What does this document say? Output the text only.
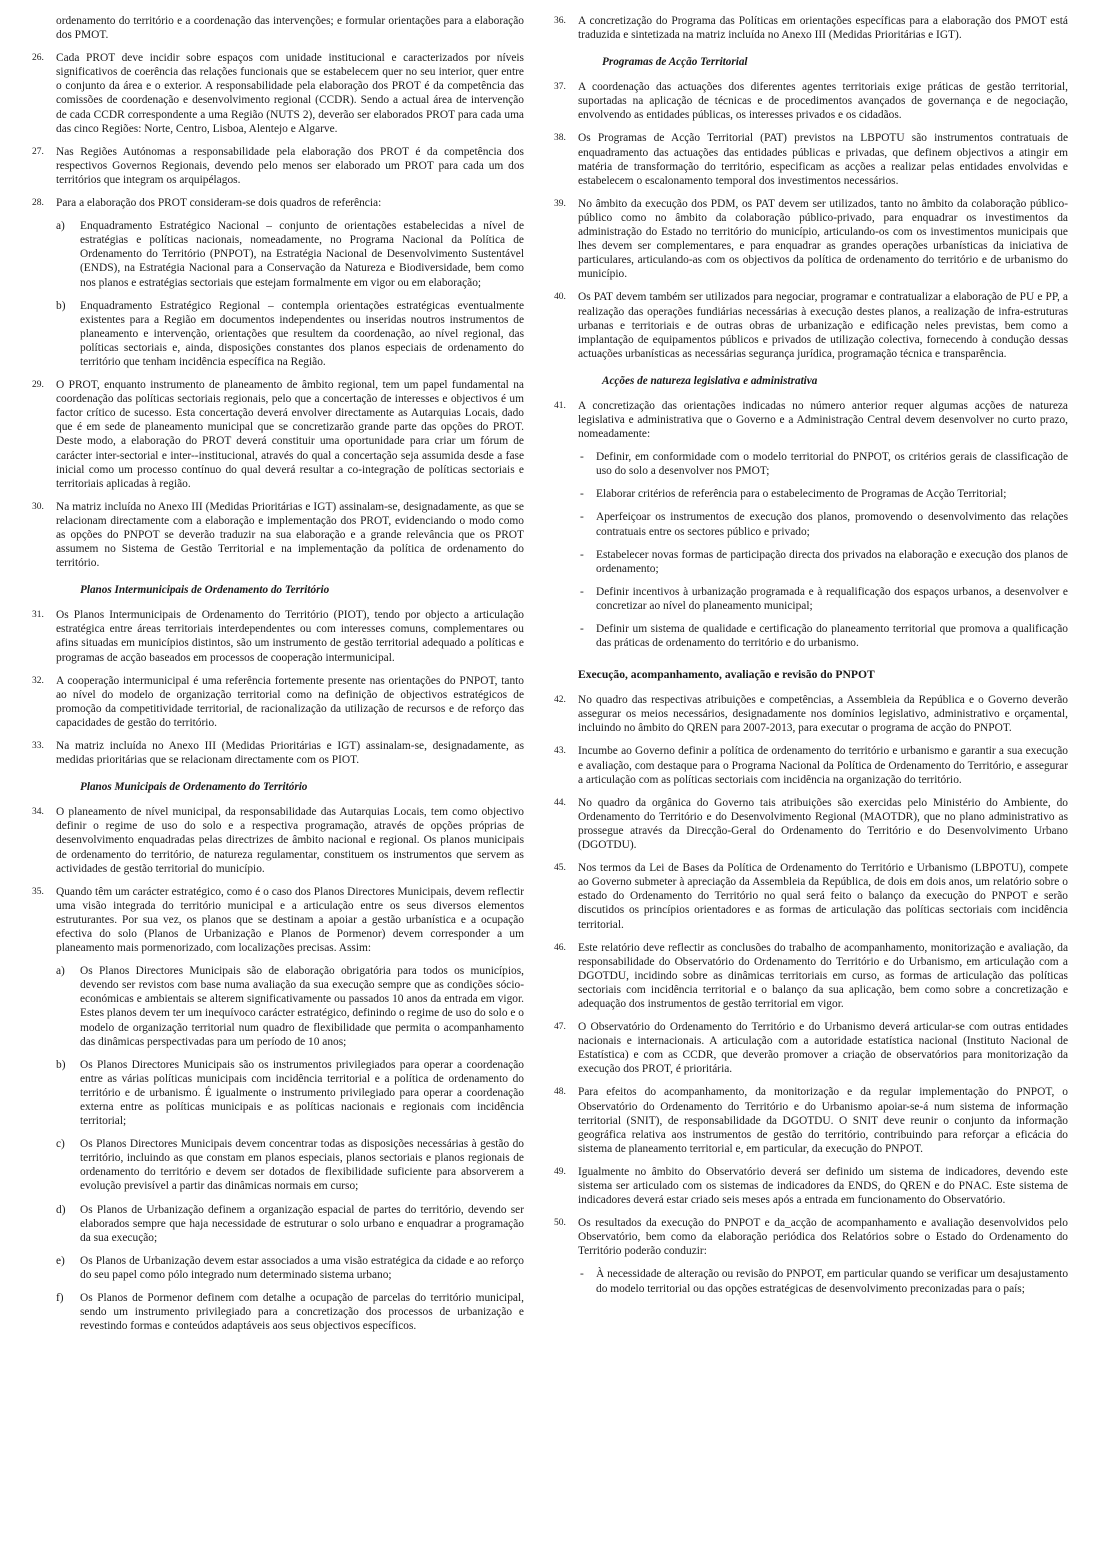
ordenamento do território e a coordenação das intervenções; e formular orientações para a elaboração dos PMOT.

26.	Cada PROT deve incidir sobre espaços com unidade institucional e caracterizados por níveis significativos de coerência das relações funcionais que se estabelecem quer no seu interior, quer entre o conjunto da área e o exterior. A responsabilidade pela elaboração dos PROT é da competência das comissões de coordenação e desenvolvimento regional (CCDR). Sendo a actual área de intervenção de cada CCDR correspondente a uma Região (NUTS 2), deverão ser elaborados PROT para cada uma das cinco Regiões: Norte, Centro, Lisboa, Alentejo e Algarve.
27.	Nas Regiões Autónomas a responsabilidade pela elaboração dos PROT é da competência dos respectivos Governos Regionais, devendo pelo menos ser elaborado um PROT para cada um dos territórios que integram os arquipélagos.
28.	Para a elaboração dos PROT consideram-se dois quadros de referência:
a) Enquadramento Estratégico Nacional – conjunto de orientações estabelecidas a nível de estratégias e políticas nacionais, nomeadamente, no Programa Nacional da Política de Ordenamento do Território (PNPOT), na Estratégia Nacional de Desenvolvimento Sustentável (ENDS), na Estratégia Nacional para a Conservação da Natureza e Biodiversidade, bem como nos planos e estratégias sectoriais que estejam formalmente em vigor ou em elaboração;
b) Enquadramento Estratégico Regional – contempla orientações estratégicas eventualmente existentes para a Região em documentos independentes ou inseridas noutros instrumentos de planeamento e intervenção, orientações que resultem da coordenação, ao nível regional, das políticas sectoriais e, ainda, disposições constantes dos planos especiais de ordenamento do território que tenham incidência específica na Região.
29.	O PROT, enquanto instrumento de planeamento de âmbito regional, tem um papel fundamental na coordenação das políticas sectoriais regionais, pelo que a concertação de interesses e objectivos é um factor crítico de sucesso. Esta concertação deverá envolver directamente as Autarquias Locais, dado que é em sede de planeamento municipal que se concretizarão grande parte das opções do PROT. Deste modo, a elaboração do PROT deverá constituir uma oportunidade para criar um fórum de carácter inter-sectorial e inter--institucional, através do qual a concertação seja assumida desde a fase inicial como um processo contínuo do qual deverá resultar a co-integração de políticas sectoriais e territoriais aplicadas à região.
30.	Na matriz incluída no Anexo III (Medidas Prioritárias e IGT) assinalam-se, designadamente, as que se relacionam directamente com a elaboração e implementação dos PROT, evidenciando o modo como as opções do PNPOT se deverão traduzir na sua elaboração e a grande relevância que os PROT assumem no Sistema de Gestão Territorial e na implementação da política de ordenamento do território.
Planos Intermunicipais de Ordenamento do Território
31.	Os Planos Intermunicipais de Ordenamento do Território (PIOT), tendo por objecto a articulação estratégica entre áreas territoriais interdependentes ou com interesses comuns, complementares ou afins situadas em municípios distintos, são um instrumento de gestão territorial adequado a políticas e programas de acção baseados em processos de cooperação intermunicipal.
32.	A cooperação intermunicipal é uma referência fortemente presente nas orientações do PNPOT, tanto ao nível do modelo de organização territorial como na definição de objectivos estratégicos de promoção da competitividade territorial, de racionalização da utilização de recursos e de reforço das capacidades de gestão do território.
33.	Na matriz incluída no Anexo III (Medidas Prioritárias e IGT) assinalam-se, designadamente, as medidas prioritárias que se relacionam directamente com os PIOT.
Planos Municipais de Ordenamento do Território
34.	O planeamento de nível municipal, da responsabilidade das Autarquias Locais, tem como objectivo definir o regime de uso do solo e a respectiva programação, através de opções próprias de desenvolvimento enquadradas pelas directrizes de âmbito nacional e regional. Os planos municipais de ordenamento do território, de natureza regulamentar, constituem os instrumentos que servem as actividades de gestão territorial do município.
35.	Quando têm um carácter estratégico, como é o caso dos Planos Directores Municipais, devem reflectir uma visão integrada do território municipal e a articulação entre os seus diversos elementos estruturantes. Por sua vez, os planos que se destinam a apoiar a gestão urbanística e a ocupação efectiva do solo (Planos de Urbanização e Planos de Pormenor) devem corresponder a um planeamento mais pormenorizado, com localizações precisas. Assim:
a) Os Planos Directores Municipais são de elaboração obrigatória para todos os municípios, devendo ser revistos com base numa avaliação da sua execução sempre que as condições sócio-económicas e ambientais se alterem significativamente ou passados 10 anos da entrada em vigor. Estes planos devem ter um inequívoco carácter estratégico, definindo o regime de uso do solo e o modelo de organização territorial num quadro de flexibilidade que permita o acompanhamento das dinâmicas perspectivadas para um período de 10 anos;
b) Os Planos Directores Municipais são os instrumentos privilegiados para operar a coordenação entre as várias políticas municipais com incidência territorial e a política de ordenamento do território e de urbanismo. É igualmente o instrumento privilegiado para operar a coordenação externa entre as políticas municipais e as políticas nacionais e regionais com incidência territorial;
c) Os Planos Directores Municipais devem concentrar todas as disposições necessárias à gestão do território, incluindo as que constam em planos especiais, planos sectoriais e planos regionais de ordenamento do território e devem ser dotados de flexibilidade suficiente para absorverem a evolução previsível a partir das dinâmicas normais em curso;
d) Os Planos de Urbanização definem a organização espacial de partes do território, devendo ser elaborados sempre que haja necessidade de estruturar o solo urbano e enquadrar a programação da sua execução;
e) Os Planos de Urbanização devem estar associados a uma visão estratégica da cidade e ao reforço do seu papel como pólo integrado num determinado sistema urbano;
f) Os Planos de Pormenor definem com detalhe a ocupação de parcelas do território municipal, sendo um instrumento privilegiado para a concretização dos processos de urbanização e revestindo formas e conteúdos adaptáveis aos seus objectivos específicos.
36.	A concretização do Programa das Políticas em orientações específicas para a elaboração dos PMOT está traduzida e sintetizada na matriz incluída no Anexo III (Medidas Prioritárias e IGT).
Programas de Acção Territorial
37.	A coordenação das actuações dos diferentes agentes territoriais exige práticas de gestão territorial, suportadas na aplicação de técnicas e de procedimentos avançados de governança e de negociação, envolvendo as entidades públicas, os interesses privados e os cidadãos.
38.	Os Programas de Acção Territorial (PAT) previstos na LBPOTU são instrumentos contratuais de enquadramento das actuações das entidades públicas e privadas, que definem objectivos a atingir em matéria de transformação do território, especificam as acções a realizar pelas entidades envolvidas e estabelecem o escalonamento temporal dos investimentos necessários.
39.	No âmbito da execução dos PDM, os PAT devem ser utilizados, tanto no âmbito da colaboração público-público como no âmbito da colaboração público-privado, para enquadrar os investimentos da administração do Estado no território do município, articulando-os com os investimentos municipais que lhes devem ser complementares, e para enquadrar as grandes operações urbanísticas da iniciativa de particulares, articulando-as com os objectivos da política de ordenamento do território e de urbanismo do município.
40.	Os PAT devem também ser utilizados para negociar, programar e contratualizar a elaboração de PU e PP, a realização das operações fundiárias necessárias à execução destes planos, a realização de infra-estruturas urbanas e territoriais e de outras obras de urbanização e edificação neles previstas, bem como a implantação de equipamentos públicos e privados de utilização colectiva, fornecendo à condução dessas actuações urbanísticas as necessárias segurança jurídica, programação técnica e transparência.
Acções de natureza legislativa e administrativa
41.	A concretização das orientações indicadas no número anterior requer algumas acções de natureza legislativa e administrativa que o Governo e a Administração Central devem desenvolver no curto prazo, nomeadamente:
- Definir, em conformidade com o modelo territorial do PNPOT, os critérios gerais de classificação de uso do solo a desenvolver nos PMOT;
- Elaborar critérios de referência para o estabelecimento de Programas de Acção Territorial;
- Aperfeiçoar os instrumentos de execução dos planos, promovendo o desenvolvimento das relações contratuais entre os sectores público e privado;
- Estabelecer novas formas de participação directa dos privados na elaboração e execução dos planos de ordenamento;
- Definir incentivos à urbanização programada e à requalificação dos espaços urbanos, a desenvolver e concretizar ao nível do planeamento municipal;
- Definir um sistema de qualidade e certificação do planeamento territorial que promova a qualificação das práticas de ordenamento do território e do urbanismo.
Execução, acompanhamento, avaliação e revisão do PNPOT
42.	No quadro das respectivas atribuições e competências, a Assembleia da República e o Governo deverão assegurar os meios necessários, designadamente nos domínios legislativo, administrativo e orçamental, incluindo no âmbito do QREN para 2007-2013, para executar o programa de acção do PNPOT.
43.	Incumbe ao Governo definir a política de ordenamento do território e urbanismo e garantir a sua execução e avaliação, com destaque para o Programa Nacional da Política de Ordenamento do Território, e assegurar a articulação com as políticas sectoriais com incidência na organização do território.
44.	No quadro da orgânica do Governo tais atribuições são exercidas pelo Ministério do Ambiente, do Ordenamento do Território e do Desenvolvimento Regional (MAOTDR), que no plano administrativo as prossegue através da Direcção-Geral do Ordenamento do Território e do Desenvolvimento Urbano (DGOTDU).
45.	Nos termos da Lei de Bases da Política de Ordenamento do Território e Urbanismo (LBPOTU), compete ao Governo submeter à apreciação da Assembleia da República, de dois em dois anos, um relatório sobre o estado do Ordenamento do Território no qual será feito o balanço da execução do PNPOT e serão discutidos os princípios orientadores e as formas de articulação das políticas sectoriais com incidência territorial.
46.	Este relatório deve reflectir as conclusões do trabalho de acompanhamento, monitorização e avaliação, da responsabilidade do Observatório do Ordenamento do Território e do Urbanismo, em articulação com a DGOTDU, incidindo sobre as dinâmicas territoriais em curso, as formas de articulação das políticas sectoriais com incidência territorial e o balanço da sua aplicação, bem como sobre a concretização e adequação dos instrumentos de gestão territorial em vigor.
47.	O Observatório do Ordenamento do Território e do Urbanismo deverá articular-se com outras entidades nacionais e internacionais. A articulação com a autoridade estatística nacional (Instituto Nacional de Estatística) e com as CCDR, que deverão promover a criação de observatórios para monitorização da execução dos PROT, é prioritária.
48.	Para efeitos do acompanhamento, da monitorização e da regular implementação do PNPOT, o Observatório do Ordenamento do Território e do Urbanismo apoiar-se-á num sistema de informação territorial (SNIT), de responsabilidade da DGOTDU. O SNIT deve reunir o conjunto da informação geográfica relativa aos instrumentos de gestão do território, contribuindo para reforçar a eficácia do sistema de planeamento territorial e, em particular, da execução do PNPOT.
49.	Igualmente no âmbito do Observatório deverá ser definido um sistema de indicadores, devendo este sistema ser articulado com os sistemas de indicadores da ENDS, do QREN e do PNAC. Este sistema de indicadores deverá estar criado seis meses após a entrada em funcionamento do Observatório.
50.	Os resultados da execução do PNPOT e da_acção de acompanhamento e avaliação desenvolvidos pelo Observatório, bem como da elaboração periódica dos Relatórios sobre o Estado do Ordenamento do Território poderão conduzir:
- À necessidade de alteração ou revisão do PNPOT, em particular quando se verificar um desajustamento do modelo territorial ou das opções estratégicas de desenvolvimento preconizadas para o país;
